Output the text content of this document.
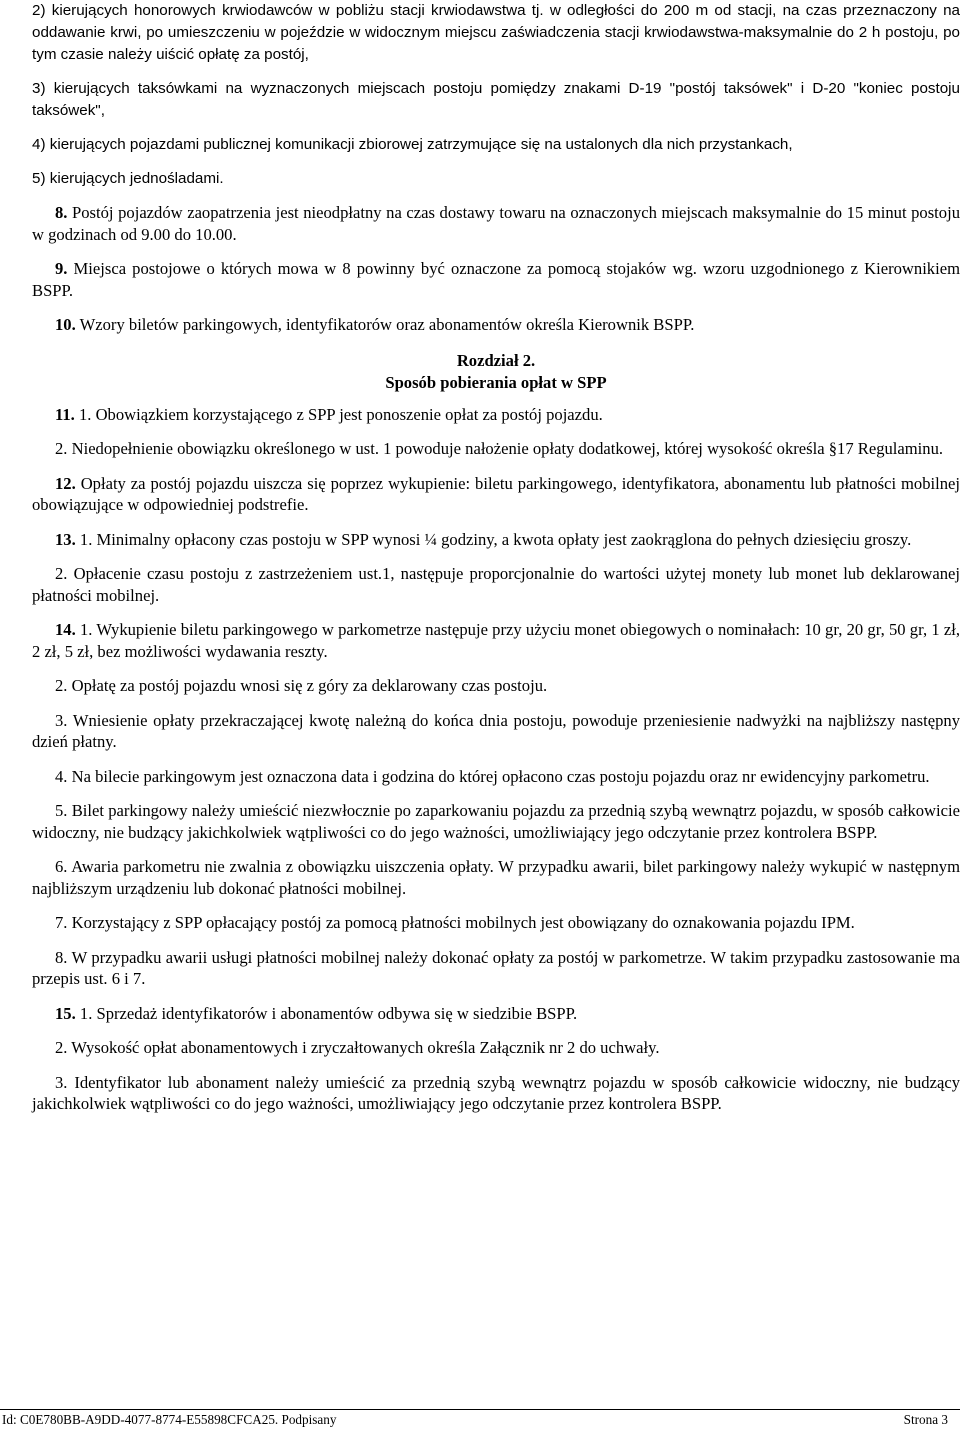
2) kierujących honorowych krwiodawców w pobliżu stacji krwiodawstwa tj. w odległości do 200 m od stacji, na czas przeznaczony na oddawanie krwi, po umieszczeniu w pojeździe w widocznym miejscu zaświadczenia stacji krwiodawstwa-maksymalnie do 2 h postoju, po tym czasie należy uiścić opłatę za postój,

3) kierujących taksówkami na wyznaczonych miejscach postoju pomiędzy znakami D-19 "postój taksówek" i D-20 "koniec postoju taksówek",

4) kierujących pojazdami publicznej komunikacji zbiorowej zatrzymujące się na ustalonych dla nich przystankach,

5) kierujących jednośladami.

8. Postój pojazdów zaopatrzenia jest nieodpłatny na czas dostawy towaru na oznaczonych miejscach maksymalnie do 15 minut postoju w godzinach od 9.00 do 10.00.

9. Miejsca postojowe o których mowa w 8 powinny być oznaczone za pomocą stojaków wg. wzoru uzgodnionego z Kierownikiem BSPP.

10. Wzory biletów parkingowych, identyfikatorów oraz abonamentów określa Kierownik BSPP.

Rozdział 2.
Sposób pobierania opłat w SPP

11. 1. Obowiązkiem korzystającego z SPP jest ponoszenie opłat za postój pojazdu.

2. Niedopełnienie obowiązku określonego w ust. 1 powoduje nałożenie opłaty dodatkowej, której wysokość określa §17 Regulaminu.

12. Opłaty za postój pojazdu uiszcza się poprzez wykupienie: biletu parkingowego, identyfikatora, abonamentu lub płatności mobilnej obowiązujące w odpowiedniej podstrefie.

13. 1. Minimalny opłacony czas postoju w SPP wynosi ¼ godziny, a kwota opłaty jest zaokrąglona do pełnych dziesięciu groszy.

2. Opłacenie czasu postoju z zastrzeżeniem ust.1, następuje proporcjonalnie do wartości użytej monety lub monet lub deklarowanej płatności mobilnej.

14. 1. Wykupienie biletu parkingowego w parkometrze następuje przy użyciu monet obiegowych o nominałach: 10 gr, 20 gr, 50 gr, 1 zł, 2 zł, 5 zł, bez możliwości wydawania reszty.

2. Opłatę za postój pojazdu wnosi się z góry za deklarowany czas postoju.

3. Wniesienie opłaty przekraczającej kwotę należną do końca dnia postoju, powoduje przeniesienie nadwyżki na najbliższy następny dzień płatny.

4. Na bilecie parkingowym jest oznaczona data i godzina do której opłacono czas postoju pojazdu oraz nr ewidencyjny parkometru.

5. Bilet parkingowy należy umieścić niezwłocznie po zaparkowaniu pojazdu za przednią szybą wewnątrz pojazdu, w sposób całkowicie widoczny, nie budzący jakichkolwiek wątpliwości co do jego ważności, umożliwiający jego odczytanie przez kontrolera BSPP.

6. Awaria parkometru nie zwalnia z obowiązku uiszczenia opłaty. W przypadku awarii, bilet parkingowy należy wykupić w następnym najbliższym urządzeniu lub dokonać płatności mobilnej.

7. Korzystający z SPP opłacający postój za pomocą płatności mobilnych jest obowiązany do oznakowania pojazdu IPM.

8. W przypadku awarii usługi płatności mobilnej należy dokonać opłaty za postój w parkometrze. W takim przypadku zastosowanie ma przepis ust. 6 i 7.

15. 1. Sprzedaż identyfikatorów i abonamentów odbywa się w siedzibie BSPP.

2. Wysokość opłat abonamentowych i zryczałtowanych określa Załącznik nr 2 do uchwały.

3. Identyfikator lub abonament należy umieścić za przednią szybą wewnątrz pojazdu w sposób całkowicie widoczny, nie budzący jakichkolwiek wątpliwości co do jego ważności, umożliwiający jego odczytanie przez kontrolera BSPP.

Id: C0E780BB-A9DD-4077-8774-E55898CFCA25. Podpisany	Strona 3
